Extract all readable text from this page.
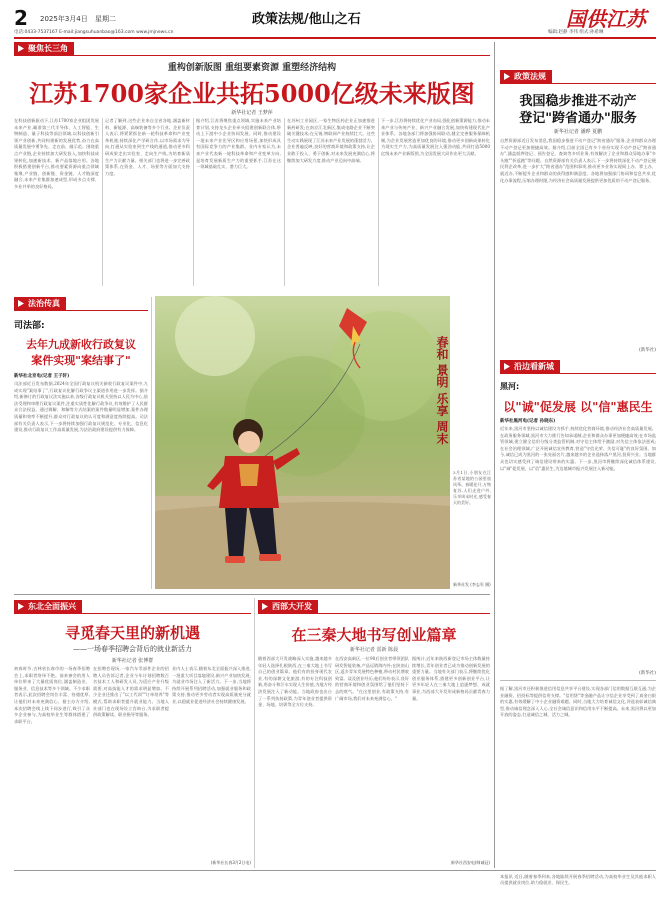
2 2025年3月4日 星期二	政策法规/他山之石	国供江苏
电话:0433-7537167 E-mail:jiangsuhuanbao@163.com www.jmjnews.cn	编辑:赵静 李伟 组式:孙希琳
聚焦长三角
重构创新版图 重组要素资源 重塑经济结构
江苏1700家企业共拓5000亿级未来版图
新华社记者 王梦萍
在科技创新驱动下,江苏1700家企业组团发展未来产业,瞄准第三代半导体、人工智能、生物制造、量子科技等前沿领域,以科技创新引领产业创新,共同构建新的发展优势,奋力在高质量发展中勇争先、走在前、做示范。围绕重点产业链,企业持续加大研发投入,加快科技成果转化,加速新技术、新产品落地应用。各地积极搭建创新平台,推动要素资源向重点领域集聚,产业链、创新链、资金链、人才链深度融合,未来产业集群加速成型,形成多点支撑、多业并举的良好格局。
记者了解到,这些企业来自全省各地,涵盖新材料、新能源、高端装备等多个行业。企业负责人表示,将紧紧抓住新一轮科技革命和产业变革机遇,持续深化产学研合作,以市场需求为导向,打通从实验室到生产线的通道,推动更多科研成果走出实验室、走向生产线,为培育新质生产力贡献力量。相关部门也将进一步完善政策体系,在资金、人才、场景等方面加大支持力度。
据介绍,江苏将聚焦重点领域,实施未来产业培育计划,支持龙头企业牵头组建创新联合体,带动上下游中小企业协同发展。同时,推动建设一批未来产业先导区和应用场景,加快形成具有国际竞争力的产业集群。业内专家认为,未来产业代表新一轮科技革命和产业变革方向,是培育发展新质生产力的重要抓手,江苏在这一领域基础扎实、潜力巨大。
在苏州工业园区,一家生物医药企业正加速推进新药研发;在南京江北新区,集成电路企业不断突破关键技术;在无锡,物联网产业持续壮大。这些生动实践展现了江苏未来产业发展的蓬勃活力。企业普遍反映,良好的营商环境和政策支持,让企业敢于投入、勇于创新,对未来发展充满信心,将继续加大研发力度,推动产业迈向中高端。
下一步,江苏将持续优化产业布局,强化创新策源能力,推动未来产业与传统产业、新兴产业融合发展,加快构建现代化产业体系。各地各部门将加强协同联动,健全完善服务保障机制,为企业发展营造更加优良的环境,推动更多创新成果转化为现实生产力,为高质量发展注入强劲动能,共同打造5000亿级未来产业新版图,为全国发展大局作出更大贡献。
政策法规
我国稳步推进不动产
登记"跨省通办"服务
新华社记者 潘晔 夏鹏
自然资源部近日发布消息,我国稳步推进不动产登记"跨省通办"服务,企业和群众办理不动产登记更加便捷高效。据介绍,目前全国已有多个省份实现不动产登记"跨省通办",涵盖抵押登记、预告登记、查询等多项业务,有效解决了企业和群众异地办事"多头跑""折返跑"等问题。自然资源部有关负责人表示,下一步将持续深化不动产登记便民利企改革,进一步扩大"跨省通办"范围和事项,推动更多业务实现网上办、掌上办、就近办,不断提升企业和群众的获得感和满意度。各地将加强部门协同和信息共享,优化办事流程,压缩办理时限,为经济社会高质量发展提供更加优质的不动产登记服务。
(新华社)
法治传真
司法部:
去年九成新收行政复议
案件实现"案结事了"
新华社北京电(记者 王子轩)
司法部近日发布数据,2024年全国行政复议机关新收行政复议案件中,九成实现"案结事了",行政复议化解行政争议主渠道作用进一步发挥。据介绍,新修订的行政复议法实施以来,各级行政复议机关坚持以人民为中心,依法受理和审理行政复议案件,注重实质性化解行政争议,有效维护了人民群众合法权益。通过调解、和解等方式结案的案件数量明显增加,案件办理质量和效率不断提升,群众对行政复议的认可度和满意度持续提高。司法部有关负责人表示,下一步将持续加强行政复议规范化、专业化、信息化建设,推动行政复议工作高质量发展,为法治政府建设提供有力保障。
春和 景明 乐享 周末
3月1日,小朋友在江苏省某地的公园里放风筝。春暖花开,万物复苏,人们走进户外,乐享周末时光,感受春天的美好。
新华社发 (李志军 摄)
沿边看新城
黑河:
以"诚"促发展 以"信"惠民生
新华社黑河电(记者 孙晓东)
近年来,黑河市坚持以诚信建设为抓手,持续优化营商环境,推动经济社会高质量发展。在政务服务领域,黑河市大力推行告知承诺制,企业和群众办事更加便捷高效;在市场监管领域,建立健全信用分级分类监管机制,对守信主体给予激励,对失信主体依法惩戒;在社会治理领域,广泛开展诚信宣传教育,营造"守信光荣、失信可耻"的良好氛围。如今,诚信已成为黑河的一张亮丽名片,越来越多的企业选择落户黑河,投资兴业。当地群众也切实感受到了诚信建设带来的实惠。下一步,黑河市将继续深化诚信体系建设,以"诚"促发展、以"信"惠民生,为边境城市振兴发展注入新动能。
(新华社)
据了解,黑河市还积极推进信用信息共享平台建设,实现各部门信用数据互联互通,为企业融资、招投标等提供信用支撑。"信用贷"等金融产品让守信企业享受到了真金白银的实惠,有效缓解了中小企业融资难题。同时,当地大力培育诚信文化,评选表彰诚信典型,推动诚信理念深入人心,全社会诚信意识和信用水平不断提高。未来,黑河将以更加开放的姿态,打造诚信之城、活力之城。
东北全面振兴
寻觅春天里的新机遇
——一场春季招聘会背后的就业新活力
新华社记者 张博群
初春时节,吉林省长春市的一场春季招聘会上,求职者络绎不绝。前来参会的用人单位带来了大量优质岗位,涵盖制造业、服务业、信息技术等多个领域。不少求职者表示,此次招聘会岗位丰富、待遇优厚,让他们对未来充满信心。据主办方介绍,本次招聘会线上线下同步进行,吸引了众多企业参与,为高校毕业生等群体搭建了求职平台。
在招聘会现场,一家汽车零部件企业的招聘人员告诉记者,企业今年计划招聘数百名技术工人和研发人员,为适应产业升级需要,对高技能人才的需求明显增加。不少企业还推出了"以工代训""订单培养"等模式,帮助求职者提升就业能力。当地人社部门也在现场设立咨询台,为求职者提供政策解读、职业指导等服务。
业内人士表示,随着东北全面振兴深入推进,一批重大项目落地建设,新兴产业加快发展,为就业市场注入了新活力。下一步,当地将持续开展系列招聘活动,加强就业服务和政策支持,推动更多劳动者实现高质量充分就业,以稳就业促进经济社会持续健康发展。
(新华社长春3月2日电)
西部大开发
在三秦大地书写创业篇章
新华社记者 雷新 陈晨
随着西部大开发战略深入实施,越来越多年轻人选择扎根陕西,在三秦大地上书写自己的创业篇章。他们有的投身现代农业,有的深耕文化旅游,有的专注科技创新,用奋斗和汗水实现人生价值,为地方经济发展注入了新动能。当地政府也出台了一系列扶持政策,为青年创业者提供资金、场地、培训等全方位支持。
在西安高新区,一位90后创业者带领团队研发智能装备,产品远销海内外;在陕南山区,返乡青年发展特色种植,带动村民增收致富。谈及创业经历,他们纷纷表示,良好的营商环境和创业氛围给了他们坚持下去的底气。"在这里创业,有政策支持,有广阔市场,我们对未来充满信心。"
据统计,近年来陕西新登记市场主体数量持续增长,青年创业者已成为推动创新发展的重要力量。当地有关部门表示,将继续优化创业服务体系,搭建更多创新创业平台,让更多年轻人在三秦大地上追逐梦想、成就事业,为西部大开发形成新格局贡献青春力量。
新华社西安电(韩诚冠)
本报讯 近日,随着春季到来,各地陆续开展春季招聘活动,为高校毕业生及其他求职人员提供就业岗位,助力稳就业、保民生。
